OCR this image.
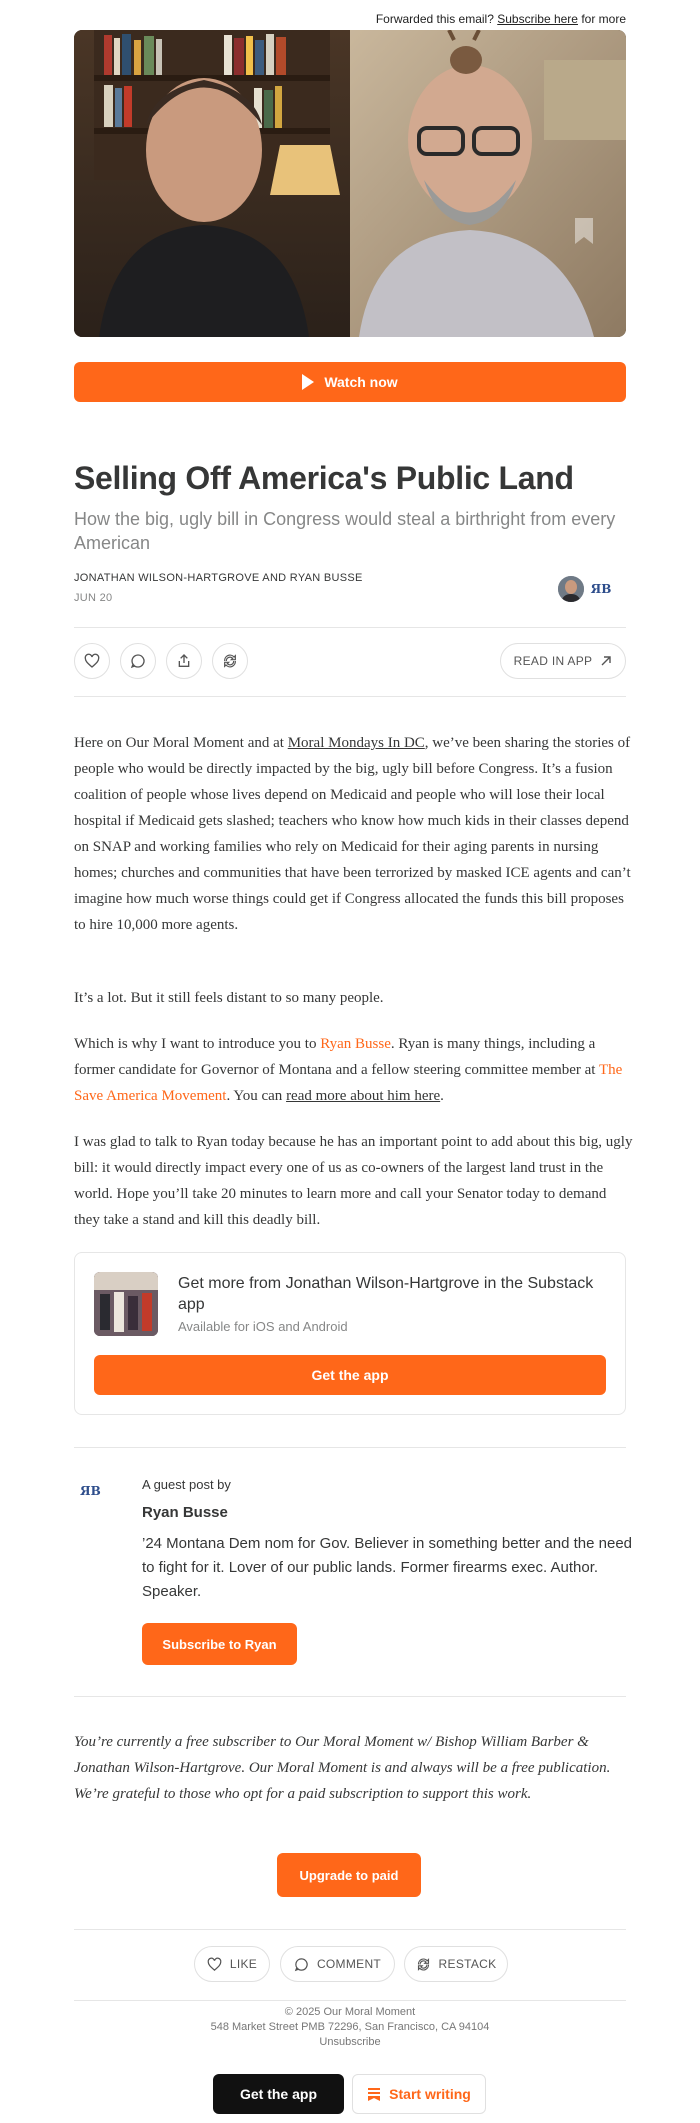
Forwarded this email? Subscribe here for more
Watch now
Selling Off America's Public Land
How the big, ugly bill in Congress would steal a birthright from every American
JONATHAN WILSON-HARTGROVE AND RYAN BUSSE
JUN 20
ЯB
READ IN APP

Here on Our Moral Moment and at Moral Mondays In DC, we’ve been sharing the stories of people who would be directly impacted by the big, ugly bill before Congress. It’s a fusion coalition of people whose lives depend on Medicaid and people who will lose their local hospital if Medicaid gets slashed; teachers who know how much kids in their classes depend on SNAP and working families who rely on Medicaid for their aging parents in nursing homes; churches and communities that have been terrorized by masked ICE agents and can’t imagine how much worse things could get if Congress allocated the funds this bill proposes to hire 10,000 more agents.

It’s a lot. But it still feels distant to so many people.

Which is why I want to introduce you to Ryan Busse. Ryan is many things, including a former candidate for Governor of Montana and a fellow steering committee member at The Save America Movement. You can read more about him here.

I was glad to talk to Ryan today because he has an important point to add about this big, ugly bill: it would directly impact every one of us as co-owners of the largest land trust in the world. Hope you’ll take 20 minutes to learn more and call your Senator today to demand they take a stand and kill this deadly bill.

Get more from Jonathan Wilson-Hartgrove in the Substack app
Available for iOS and Android
Get the app
ЯB	A guest post by
Ryan Busse
’24 Montana Dem nom for Gov. Believer in something better and the need to fight for it. Lover of our public lands. Former firearms exec. Author. Speaker.
Subscribe to Ryan

You’re currently a free subscriber to Our Moral Moment w/ Bishop William Barber & Jonathan Wilson-Hartgrove. Our Moral Moment is and always will be a free publication. We’re grateful to those who opt for a paid subscription to support this work.

Upgrade to paid
LIKE	COMMENT	RESTACK
© 2025 Our Moral Moment
548 Market Street PMB 72296, San Francisco, CA 94104
Unsubscribe
Get the app	Start writing
